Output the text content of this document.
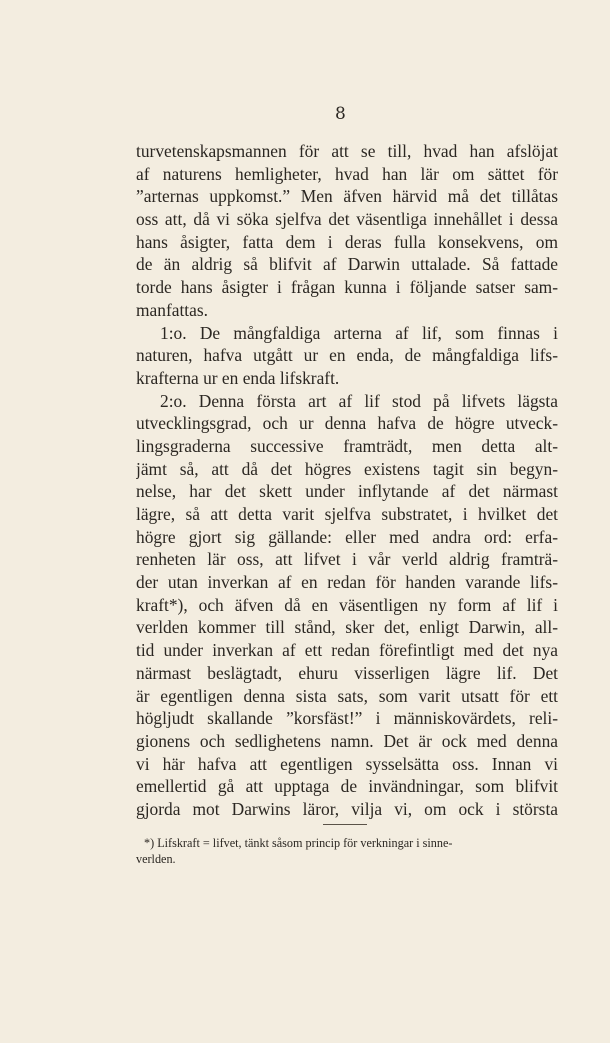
8
turvetenskapsmannen för att se till, hvad han afslöjat
af naturens hemligheter, hvad han lär om sättet för
”arternas uppkomst.” Men äfven härvid må det tillåtas
oss att, då vi söka sjelfva det väsentliga innehållet i dessa
hans åsigter, fatta dem i deras fulla konsekvens, om
de än aldrig så blifvit af Darwin uttalade. Så fattade
torde hans åsigter i frågan kunna i följande satser sam-
manfattas.
1:o. De mångfaldiga arterna af lif, som finnas i
naturen, hafva utgått ur en enda, de mångfaldiga lifs-
krafterna ur en enda lifskraft.
2:o. Denna första art af lif stod på lifvets lägsta
utvecklingsgrad, och ur denna hafva de högre utveck-
lingsgraderna successive framträdt, men detta alt-
jämt så, att då det högres existens tagit sin begyn-
nelse, har det skett under inflytande af det närmast
lägre, så att detta varit sjelfva substratet, i hvilket det
högre gjort sig gällande: eller med andra ord: erfa-
renheten lär oss, att lifvet i vår verld aldrig framträ-
der utan inverkan af en redan för handen varande lifs-
kraft*), och äfven då en väsentligen ny form af lif i
verlden kommer till stånd, sker det, enligt Darwin, all-
tid under inverkan af ett redan förefintligt med det nya
närmast beslägtadt, ehuru visserligen lägre lif. Det
är egentligen denna sista sats, som varit utsatt för ett
högljudt skallande ”korsfäst!” i människovärdets, reli-
gionens och sedlighetens namn. Det är ock med denna
vi här hafva att egentligen sysselsätta oss. Innan vi
emellertid gå att upptaga de invändningar, som blifvit
gjorda mot Darwins läror, vilja vi, om ock i största
*) Lifskraft = lifvet, tänkt såsom princip för verkningar i sinne-
verlden.
